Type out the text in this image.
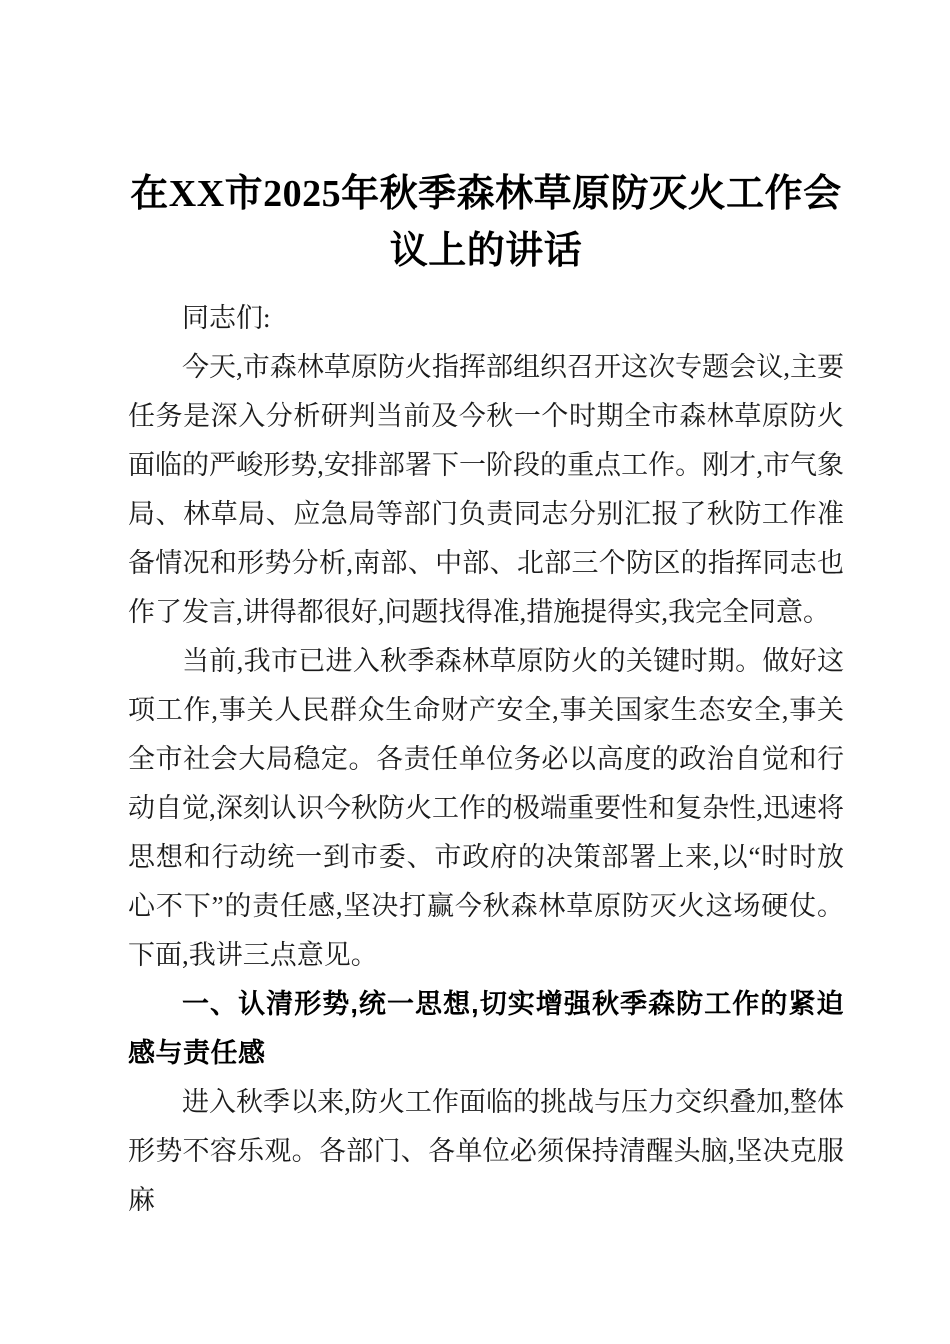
在XX市2025年秋季森林草原防灭火工作会议上的讲话

同志们:

今天,市森林草原防火指挥部组织召开这次专题会议,主要任务是深入分析研判当前及今秋一个时期全市森林草原防火面临的严峻形势,安排部署下一阶段的重点工作。刚才,市气象局、林草局、应急局等部门负责同志分别汇报了秋防工作准备情况和形势分析,南部、中部、北部三个防区的指挥同志也作了发言,讲得都很好,问题找得准,措施提得实,我完全同意。

当前,我市已进入秋季森林草原防火的关键时期。做好这项工作,事关人民群众生命财产安全,事关国家生态安全,事关全市社会大局稳定。各责任单位务必以高度的政治自觉和行动自觉,深刻认识今秋防火工作的极端重要性和复杂性,迅速将思想和行动统一到市委、市政府的决策部署上来,以“时时放心不下”的责任感,坚决打赢今秋森林草原防灭火这场硬仗。下面,我讲三点意见。

一、认清形势,统一思想,切实增强秋季森防工作的紧迫感与责任感

进入秋季以来,防火工作面临的挑战与压力交织叠加,整体形势不容乐观。各部门、各单位必须保持清醒头脑,坚决克服麻
